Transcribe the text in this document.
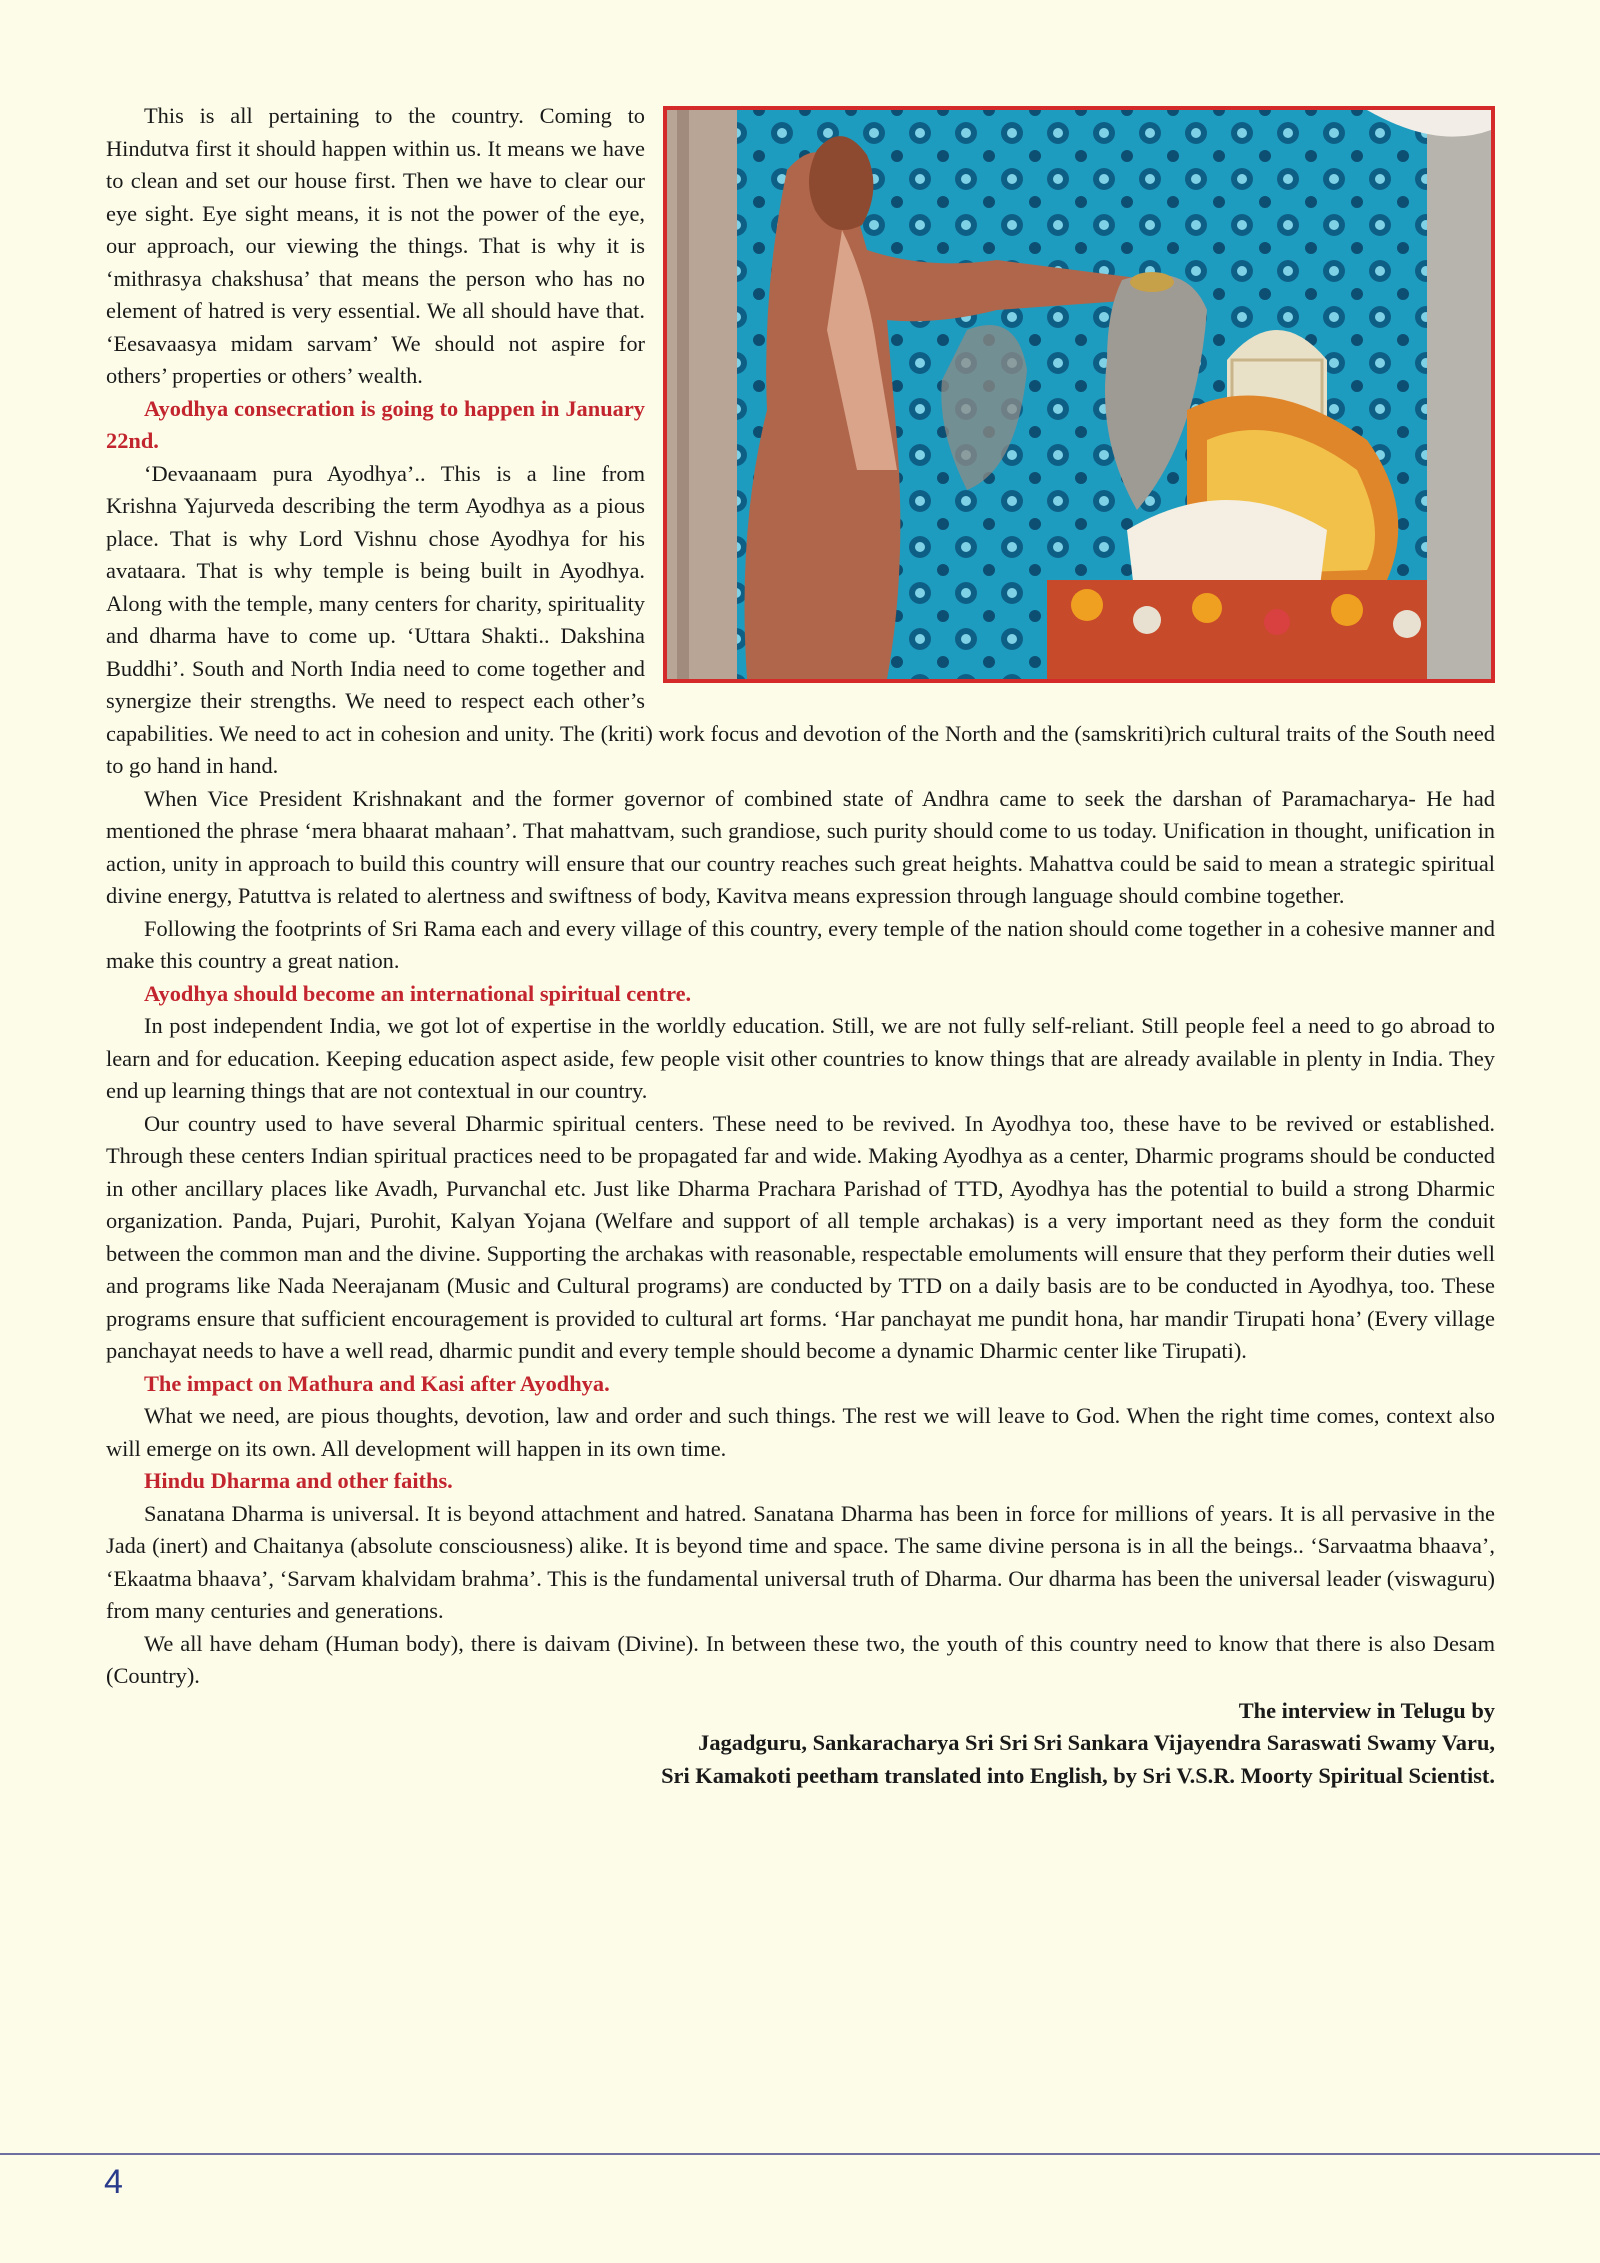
This is all pertaining to the country. Coming to Hindutva first it should happen within us. It means we have to clean and set our house first. Then we have to clear our eye sight. Eye sight means, it is not the power of the eye, our approach, our viewing the things. That is why it is ‘mithrasya chakshusa’ that means the person who has no element of hatred is very essential. We all should have that. ‘Eesavaasya midam sarvam’ We should not aspire for others’ properties or others’ wealth.

Ayodhya consecration is going to happen in January 22nd.

‘Devaanaam pura Ayodhya’.. This is a line from Krishna Yajurveda describing the term Ayodhya as a pious place. That is why Lord Vishnu chose Ayodhya for his avataara. That is why temple is being built in Ayodhya. Along with the temple, many centers for charity, spirituality and dharma have to come up. ‘Uttara Shakti.. Dakshina Buddhi’. South and North India need to come together and synergize their strengths. We need to respect each other’s capabilities. We need to act in cohesion and unity. The (kriti) work focus and devotion of the North and the (samskriti)rich cultural traits of the South need to go hand in hand.

When Vice President Krishnakant and the former governor of combined state of Andhra came to seek the darshan of Paramacharya- He had mentioned the phrase ‘mera bhaarat mahaan’. That mahattvam, such grandiose, such purity should come to us today. Unification in thought, unification in action, unity in approach to build this country will ensure that our country reaches such great heights. Mahattva could be said to mean a strategic spiritual divine energy, Patuttva is related to alertness and swiftness of body, Kavitva means expression through language should combine together.

Following the footprints of Sri Rama each and every village of this country, every temple of the nation should come together in a cohesive manner and make this country a great nation.

Ayodhya should become an international spiritual centre.

In post independent India, we got lot of expertise in the worldly education. Still, we are not fully self-reliant. Still people feel a need to go abroad to learn and for education. Keeping education aspect aside, few people visit other countries to know things that are already available in plenty in India. They end up learning things that are not contextual in our country.

Our country used to have several Dharmic spiritual centers. These need to be revived. In Ayodhya too, these have to be revived or established. Through these centers Indian spiritual practices need to be propagated far and wide. Making Ayodhya as a center, Dharmic programs should be conducted in other ancillary places like Avadh, Purvanchal etc. Just like Dharma Prachara Parishad of TTD, Ayodhya has the potential to build a strong Dharmic organization. Panda, Pujari, Purohit, Kalyan Yojana (Welfare and support of all temple archakas) is a very important need as they form the conduit between the common man and the divine. Supporting the archakas with reasonable, respectable emoluments will ensure that they perform their duties well and programs like Nada Neerajanam (Music and Cultural programs) are conducted by TTD on a daily basis are to be conducted in Ayodhya, too. These programs ensure that sufficient encouragement is provided to cultural art forms. ‘Har panchayat me pundit hona, har mandir Tirupati hona’ (Every village panchayat needs to have a well read, dharmic pundit and every temple should become a dynamic Dharmic center like Tirupati).

The impact on Mathura and Kasi after Ayodhya.

What we need, are pious thoughts, devotion, law and order and such things. The rest we will leave to God. When the right time comes, context also will emerge on its own. All development will happen in its own time.

Hindu Dharma and other faiths.

Sanatana Dharma is universal. It is beyond attachment and hatred. Sanatana Dharma has been in force for millions of years. It is all pervasive in the Jada (inert) and Chaitanya (absolute consciousness) alike. It is beyond time and space. The same divine persona is in all the beings.. ‘Sarvaatma bhaava’, ‘Ekaatma bhaava’, ‘Sarvam khalvidam brahma’. This is the fundamental universal truth of Dharma. Our dharma has been the universal leader (viswaguru) from many centuries and generations.

We all have deham (Human body), there is daivam (Divine). In between these two, the youth of this country need to know that there is also Desam (Country).

The interview in Telugu by
Jagadguru, Sankaracharya Sri Sri Sri Sankara Vijayendra Saraswati Swamy Varu,
Sri Kamakoti peetham translated into English, by Sri V.S.R. Moorty Spiritual Scientist.
4
